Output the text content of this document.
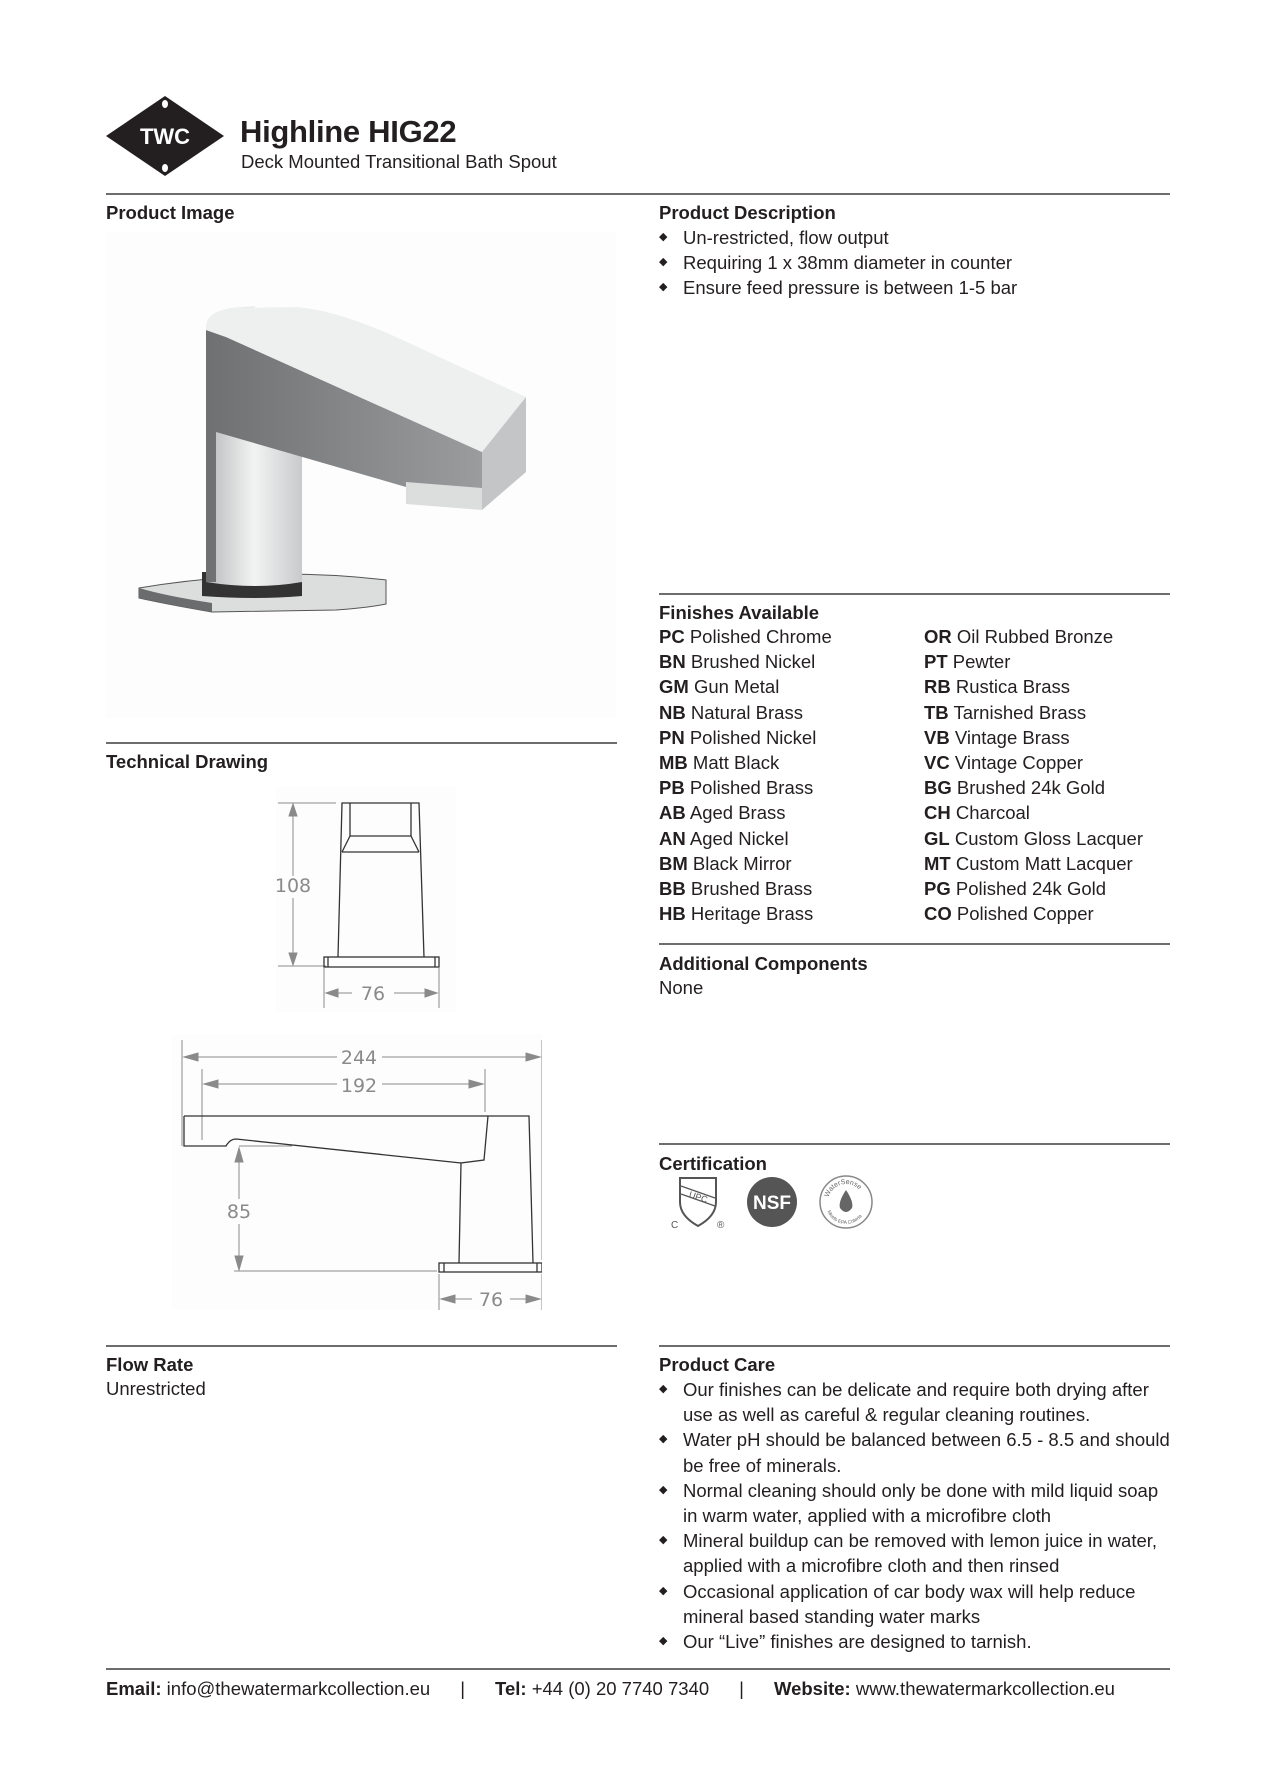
TWC Highline HIG22
Deck Mounted Transitional Bath Spout
Product Image
Technical Drawing
108
76
244
192
85
76
Flow Rate
Unrestricted
Product Description
◆ Un-restricted, flow output
◆ Requiring 1 x 38mm diameter in counter
◆ Ensure feed pressure is between 1-5 bar
Finishes Available
PC Polished Chrome
BN Brushed Nickel
GM Gun Metal
NB Natural Brass
PN Polished Nickel
MB Matt Black
PB Polished Brass
AB Aged Brass
AN Aged Nickel
BM Black Mirror
BB Brushed Brass
HB Heritage Brass
OR Oil Rubbed Bronze
PT Pewter
RB Rustica Brass
TB Tarnished Brass
VB Vintage Brass
VC Vintage Copper
BG Brushed 24k Gold
CH Charcoal
GL Custom Gloss Lacquer
MT Custom Matt Lacquer
PG Polished 24k Gold
CO Polished Copper
Additional Components
None
Certification
UPC
C	®
NSF	WaterSense
Meets EPA Criteria
Product Care
◆ Our finishes can be delicate and require both drying after use as well as careful & regular cleaning routines.
◆ Water pH should be balanced between 6.5 - 8.5 and should be free of minerals.
◆ Normal cleaning should only be done with mild liquid soap in warm water, applied with a microfibre cloth
◆ Mineral buildup can be removed with lemon juice in water, applied with a microfibre cloth and then rinsed
◆ Occasional application of car body wax will help reduce mineral based standing water marks
◆ Our “Live” finishes are designed to tarnish.
Email:
info@thewatermarkcollection.eu | Tel:
+44 (0) 20 7740 7340 | Website:
www.thewatermarkcollection.eu
